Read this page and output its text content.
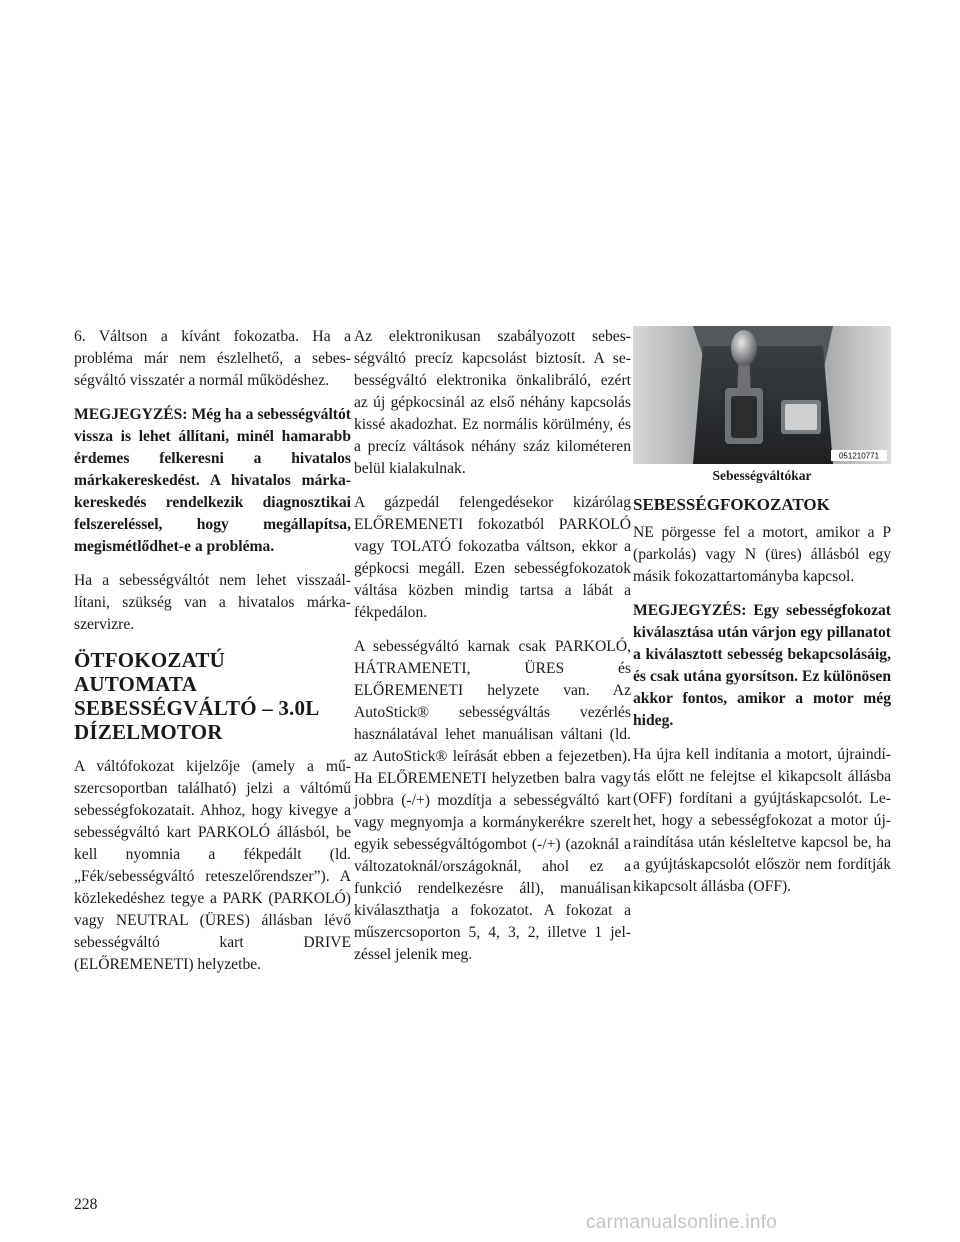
6. Váltson a kívánt fokozatba. Ha a probléma már nem észlelhető, a sebességváltó visszatér a normál működéshez.

MEGJEGYZÉS: Még ha a sebességváltót vissza is lehet állítani, minél hamarabb érdemes felkeresni a hivatalos márkakereskedést. A hivatalos márkakereskedés rendelkezik diagnosztikai felszereléssel, hogy megállapítsa, megismétlődhet-e a probléma.

Ha a sebességváltót nem lehet visszaállítani, szükség van a hivatalos márkaszervizre.

ÖTFOKOZATÚ AUTOMATA SEBESSÉGVÁLTÓ – 3.0L DÍZELMOTOR

A váltófokozat kijelzője (amely a műszercsoportban található) jelzi a váltómű sebességfokozatait. Ahhoz, hogy kivegye a sebességváltó kart PARKOLÓ állásból, be kell nyomnia a fékpedált (ld. „Fék/sebességváltó reteszelőrendszer”). A közlekedéshez tegye a PARK (PARKOLÓ) vagy NEUTRAL (ÜRES) állásban lévő sebességváltó kart DRIVE (ELŐREMENETI) helyzetbe.

Az elektronikusan szabályozott sebességváltó precíz kapcsolást biztosít. A sebességváltó elektronika önkalibráló, ezért az új gépkocsinál az első néhány kapcsolás kissé akadozhat. Ez normális körülmény, és a precíz váltások néhány száz kilométeren belül kialakulnak.

A gázpedál felengedésekor kizárólag ELŐREMENETI fokozatból PARKOLÓ vagy TOLATÓ fokozatba váltson, ekkor a gépkocsi megáll. Ezen sebességfokozatok váltása közben mindig tartsa a lábát a fékpedálon.

A sebességváltó karnak csak PARKOLÓ, HÁTRAMENETI, ÜRES és ELŐREMENETI helyzete van. Az AutoStick® sebességváltás vezérlés használatával lehet manuálisan váltani (ld. az AutoStick® leírását ebben a fejezetben). Ha ELŐREMENETI helyzetben balra vagy jobbra (-/+) mozdítja a sebességváltó kart vagy megnyomja a kormánykerékre szerelt egyik sebességváltógombot (-/+) (azoknál a változatoknál/országoknál, ahol ez a funkció rendelkezésre áll), manuálisan kiválaszthatja a fokozatot. A fokozat a műszercsoporton 5, 4, 3, 2, illetve 1 jelzéssel jelenik meg.

051210771
Sebességváltókar
SEBESSÉGFOKOZATOK

NE pörgesse fel a motort, amikor a P (parkolás) vagy N (üres) állásból egy másik fokozattartományba kapcsol.

MEGJEGYZÉS: Egy sebességfokozat kiválasztása után várjon egy pillanatot a kiválasztott sebesség bekapcsolásáig, és csak utána gyorsítson. Ez különösen akkor fontos, amikor a motor még hideg.

Ha újra kell indítania a motort, újraindítás előtt ne felejtse el kikapcsolt állásba (OFF) fordítani a gyújtáskapcsolót. Lehet, hogy a sebességfokozat a motor újraindítása után késleltetve kapcsol be, ha a gyújtáskapcsolót először nem fordítják kikapcsolt állásba (OFF).

228
carmanualsonline.info
